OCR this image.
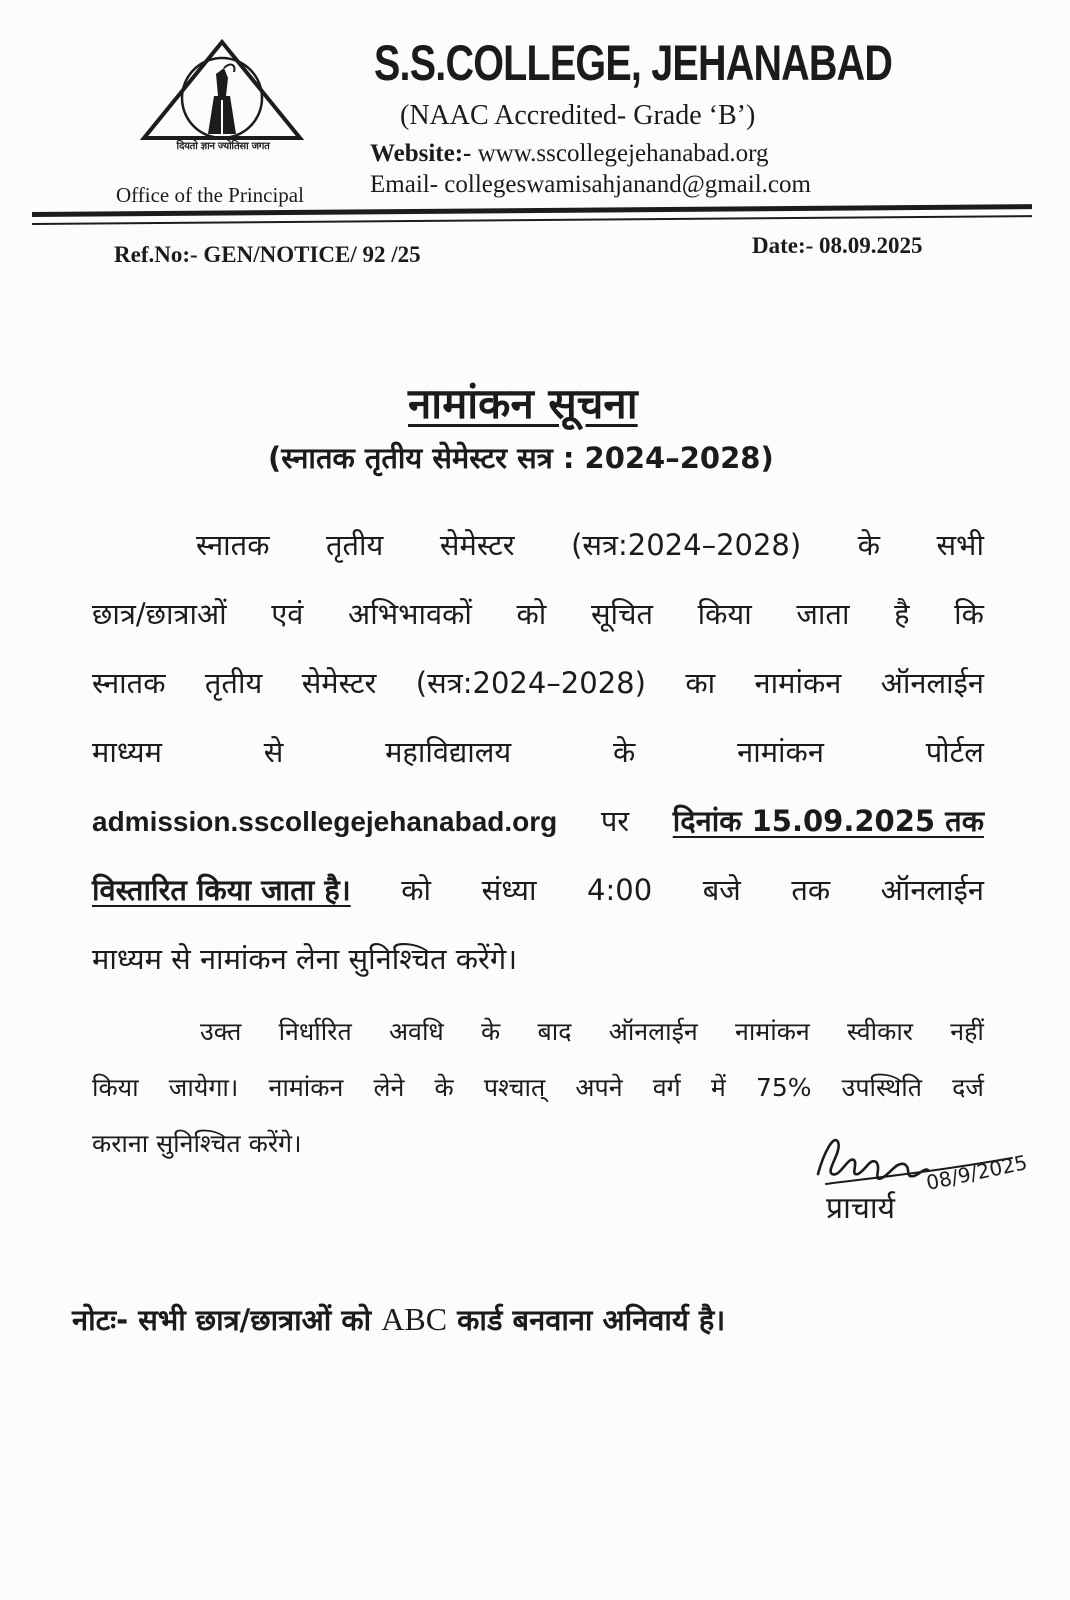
दियतो ज्ञान ज्योतिसा जगत
Office of the Principal
S.S.COLLEGE, JEHANABAD
(NAAC Accredited- Grade ‘B’)
Website:- www.sscollegejehanabad.org
Email- collegeswamisahjanand@gmail.com
Ref.No:- GEN/NOTICE/ 92 /25	Date:- 08.09.2025
नामांकन सूचना
(स्नातक तृतीय सेमेस्टर सत्र : 2024–2028)
स्नातक तृतीय सेमेस्टर (सत्र:2024–2028) के सभी
छात्र/छात्राओं एवं अभिभावकों को सूचित किया जाता है कि
स्नातक तृतीय सेमेस्टर (सत्र:2024–2028) का नामांकन ऑनलाईन
माध्यम	से	महाविद्यालय	के	नामांकन	पोर्टल
admission.sscollegejehanabad.org पर दिनांक 15.09.2025 तक
विस्तारित किया जाता है। को संध्या 4:00 बजे तक ऑनलाईन
माध्यम से नामांकन लेना सुनिश्चित करेंगे।
उक्त निर्धारित अवधि के बाद ऑनलाईन नामांकन स्वीकार नहीं
किया जायेगा। नामांकन लेने के पश्चात् अपने वर्ग में 75% उपस्थिति दर्ज
कराना सुनिश्चित करेंगे।
08/9/2025
प्राचार्य
नोटः- सभी छात्र/छात्राओं को ABC कार्ड बनवाना अनिवार्य है।
